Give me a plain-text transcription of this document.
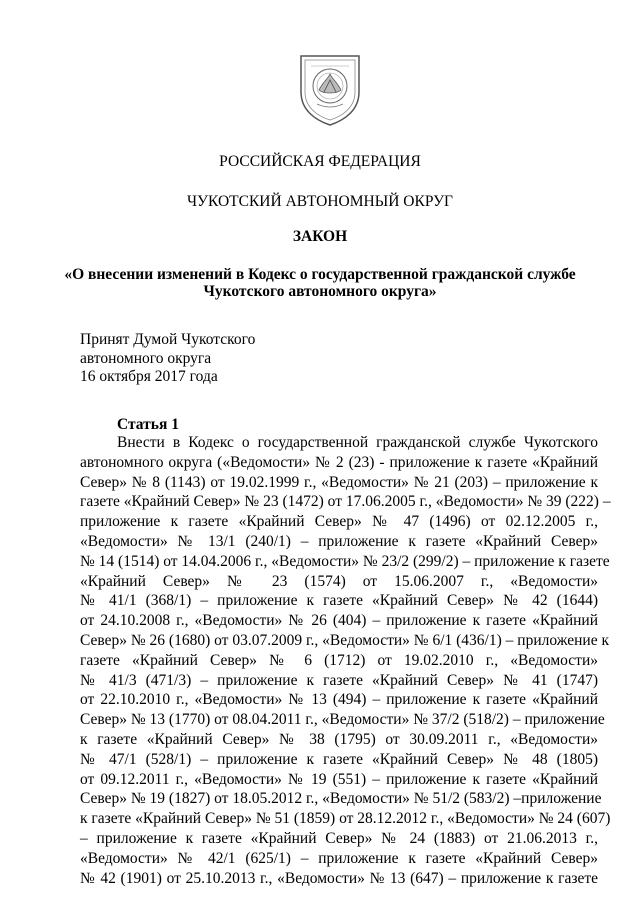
РОССИЙСКАЯ ФЕДЕРАЦИЯ
ЧУКОТСКИЙ АВТОНОМНЫЙ ОКРУГ
ЗАКОН
«О внесении изменений в Кодекс о государственной гражданской службе
Чукотского автономного округа»
Принят Думой Чукотского
автономного округа
16 октября 2017 года
Статья 1
Внести в Кодекс о государственной гражданской службе Чукотского
автономного округа («Ведомости» № 2 (23) - приложение к газете «Крайний
Север» № 8 (1143) от 19.02.1999 г., «Ведомости» № 21 (203) – приложение к
газете «Крайний Север» № 23 (1472) от 17.06.2005 г., «Ведомости» № 39 (222) –
приложение к газете «Крайний Север» № 47 (1496) от 02.12.2005 г.,
«Ведомости» № 13/1 (240/1) – приложение к газете «Крайний Север»
№ 14 (1514) от 14.04.2006 г., «Ведомости» № 23/2 (299/2) – приложение к газете
«Крайний Север» № 23 (1574) от 15.06.2007 г., «Ведомости»
№ 41/1 (368/1) – приложение к газете «Крайний Север» № 42 (1644)
от 24.10.2008 г., «Ведомости» № 26 (404) – приложение к газете «Крайний
Север» № 26 (1680) от 03.07.2009 г., «Ведомости» № 6/1 (436/1) – приложение к
газете «Крайний Север» № 6 (1712) от 19.02.2010 г., «Ведомости»
№ 41/3 (471/3) – приложение к газете «Крайний Север» № 41 (1747)
от 22.10.2010 г., «Ведомости» № 13 (494) – приложение к газете «Крайний
Север» № 13 (1770) от 08.04.2011 г., «Ведомости» № 37/2 (518/2) – приложение
к газете «Крайний Север» № 38 (1795) от 30.09.2011 г., «Ведомости»
№ 47/1 (528/1) – приложение к газете «Крайний Север» № 48 (1805)
от 09.12.2011 г., «Ведомости» № 19 (551) – приложение к газете «Крайний
Север» № 19 (1827) от 18.05.2012 г., «Ведомости» № 51/2 (583/2) –приложение
к газете «Крайний Север» № 51 (1859) от 28.12.2012 г., «Ведомости» № 24 (607)
– приложение к газете «Крайний Север» № 24 (1883) от 21.06.2013 г.,
«Ведомости» № 42/1 (625/1) – приложение к газете «Крайний Север»
№ 42 (1901) от 25.10.2013 г., «Ведомости» № 13 (647) – приложение к газете
